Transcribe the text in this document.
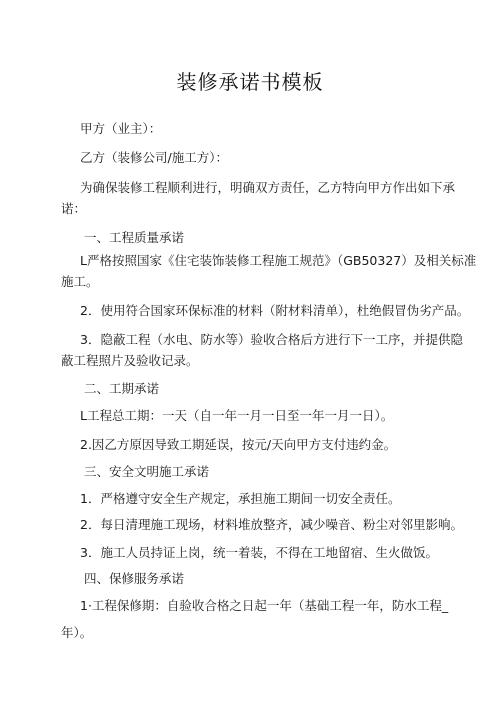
装修承诺书模板
甲方（业主）：
乙方（装修公司/施工方）：
为确保装修工程顺利进行，明确双方责任，乙方特向甲方作出如下承
诺：
一、工程质量承诺
L严格按照国家《住宅装饰装修工程施工规范》（GB50327）及相关标准
施工。
2．使用符合国家环保标准的材料（附材料清单），杜绝假冒伪劣产品。
3．隐蔽工程（水电、防水等）验收合格后方进行下一工序，并提供隐
蔽工程照片及验收记录。
二、工期承诺
L工程总工期：一天（自一年一月一日至一年一月一日）。
2.因乙方原因导致工期延误，按元/天向甲方支付违约金。
三、安全文明施工承诺
1．严格遵守安全生产规定，承担施工期间一切安全责任。
2．每日清理施工现场，材料堆放整齐，减少噪音、粉尘对邻里影响。
3．施工人员持证上岗，统一着装，不得在工地留宿、生火做饭。
四、保修服务承诺
1·工程保修期：自验收合格之日起一年（基础工程一年，防水工程_
年）。
